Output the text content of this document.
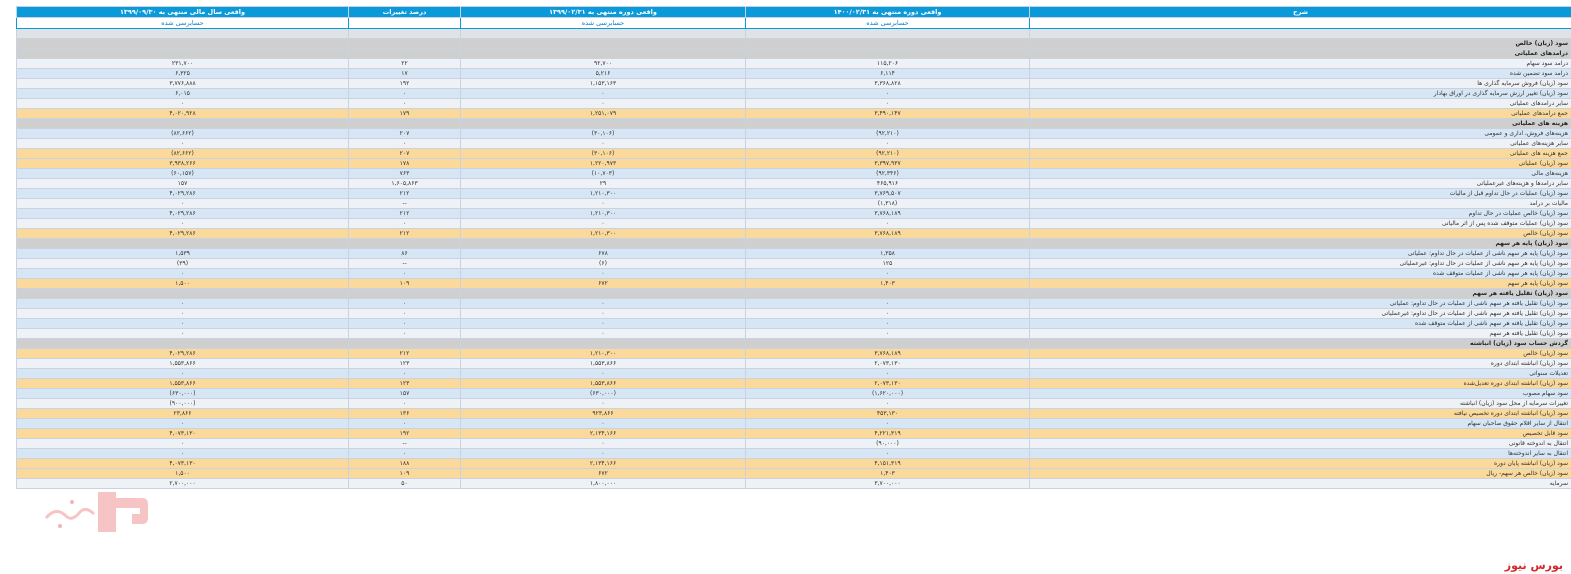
شرح	واقعی دوره منتهی به ۱۴۰۰/۰۲/۳۱	واقعی دوره منتهی به ۱۳۹۹/۰۲/۳۱	درصد تغییرات	واقعی سال مالی منتهی به ۱۳۹۹/۰۹/۳۰
	حسابرسی شده	حسابرسی شده		حسابرسی شده

سود (زیان) خالص				
درامدهای عملیاتی				
درامد سود سهام	۱۱۵,۲۰۶	۹۲,۷۰۰	۲۲	۲۳۱,۷۰۰
درامد سود تضمین شده	۶,۱۱۴	۵,۲۱۶	۱۷	۶,۳۲۵
سود (زیان) فروش سرمایه گذاری ها	۳,۳۶۸,۸۲۸	۱,۱۵۳,۱۶۳	۱۹۲	۳,۷۷۶,۸۸۸
سود (زیان) تغییر ارزش سرمایه گذاری در اوراق بهادار	۰	۰	۰	۶,۰۱۵
سایر درامدهای عملیاتی	۰	۰	۰	۰
جمع درامدهای عملیاتی	۳,۴۹۰,۱۴۷	۱,۲۵۱,۰۷۹	۱۷۹	۴,۰۲۰,۹۲۸
هزینه های عملیاتی				
هزینه‌های فروش، اداری و عمومی	(۹۲,۲۱۰)	(۳۰,۱۰۶)	۲۰۷	(۸۲,۶۶۲)
سایر هزینه‌های عملیاتی	۰	۰	۰	۰
جمع هزینه های عملیاتی	(۹۲,۲۱۰)	(۳۰,۱۰۶)	۲۰۷	(۸۲,۶۶۲)
سود (زیان) عملیاتی	۳,۳۹۷,۹۳۷	۱,۲۲۰,۹۷۳	۱۷۸	۳,۹۳۸,۲۶۶
هزینه‌های مالی	(۹۲,۳۴۶)	(۱۰,۷۰۳)	۷۶۳	(۶۰,۱۵۷)
سایر درامدها و هزینه‌های غیرعملیاتی	۴۶۵,۹۱۶	۲۹	۱,۶۰۵,۸۶۳	۱۵۷
سود (زیان) عملیات در حال تداوم قبل از مالیات	۳,۷۶۹,۵۰۷	۱,۲۱۰,۳۰۰	۲۱۲	۴,۰۲۹,۲۸۶
مالیات بر درامد	(۱,۳۱۸)	۰	--	۰
سود (زیان) خالص عملیات در حال تداوم	۳,۷۶۸,۱۸۹	۱,۲۱۰,۳۰۰	۲۱۲	۴,۰۲۹,۲۸۶
سود (زیان) عملیات متوقف شده پس از اثر مالیاتی	۰	۰	۰	۰
سود (زیان) خالص	۳,۷۶۸,۱۸۹	۱,۲۱۰,۳۰۰	۲۱۲	۴,۰۲۹,۲۸۶
سود (زیان) پایه هر سهم				
سود (زیان) پایه هر سهم ناشی از عملیات در حال تداوم: عملیاتی	۱,۳۵۸	۶۷۸	۸۶	۱,۵۳۹
سود (زیان) پایه هر سهم ناشی از عملیات در حال تداوم: غیرعملیاتی	۱۲۵	(۶)	--	(۳۹)
سود (زیان) پایه هر سهم ناشی از عملیات متوقف شده	۰	۰	۰	۰
سود (زیان) پایه هر سهم	۱,۴۰۳	۶۷۲	۱۰۹	۱,۵۰۰
سود (زیان) تقلیل یافته هر سهم				
سود (زیان) تقلیل یافته هر سهم ناشی از عملیات در حال تداوم: عملیاتی	۰	۰	۰	۰
سود (زیان) تقلیل یافته هر سهم ناشی از عملیات در حال تداوم: غیرعملیاتی	۰	۰	۰	۰
سود (زیان) تقلیل یافته هر سهم ناشی از عملیات متوقف شده	۰	۰	۰	۰
سود (زیان) تقلیل یافته هر سهم	۰	۰	۰	۰
گردش حساب سود (زیان) انباشته				
سود (زیان) خالص	۳,۷۶۸,۱۸۹	۱,۲۱۰,۳۰۰	۲۱۲	۴,۰۲۹,۲۸۶
سود (زیان) انباشته ابتدای دوره	۲,۰۷۳,۱۳۰	۱,۵۵۳,۸۶۶	۱۲۳	۱,۵۵۳,۸۶۶
تعدیلات سنواتی	۰	۰	۰	۰
سود (زیان) انباشته ابتدای دوره تعدیل‌شده	۲,۰۷۳,۱۳۰	۱,۵۵۳,۸۶۶	۱۲۳	۱,۵۵۳,۸۶۶
سود سهام مصوب	(۱,۶۲۰,۰۰۰)	(۶۳۰,۰۰۰)	۱۵۷	(۶۳۰,۰۰۰)
تغییرات سرمایه از محل سود (زیان) انباشته	۰	۰	۰	(۹۰۰,۰۰۰)
سود (زیان) انباشته ابتدای دوره تخصیص نیافته	۴۵۳,۱۳۰	۹۲۳,۸۶۶	۱۳۶	۲۳,۸۶۶
انتقال از سایر اقلام حقوق صاحبان سهام	۰	۰	۰	۰
سود قابل تخصیص	۴,۲۲۱,۳۱۹	۲,۱۳۴,۱۶۶	۱۹۲	۴,۰۷۳,۱۳۰
انتقال به اندوخته قانونی	(۹۰,۰۰۰)	۰	--	۰
انتقال به سایر اندوخته‌ها	۰	۰	۰	۰
سود (زیان) انباشته پایان دوره	۴,۱۵۱,۳۱۹	۲,۱۳۴,۱۶۶	۱۸۸	۴,۰۷۳,۱۳۰
سود (زیان) خالص هر سهم- ریال	۱,۴۰۳	۶۷۲	۱۰۹	۱,۵۰۰
سرمایه	۳,۷۰۰,۰۰۰	۱,۸۰۰,۰۰۰	۵۰	۲,۷۰۰,۰۰۰
بورس نیوز
